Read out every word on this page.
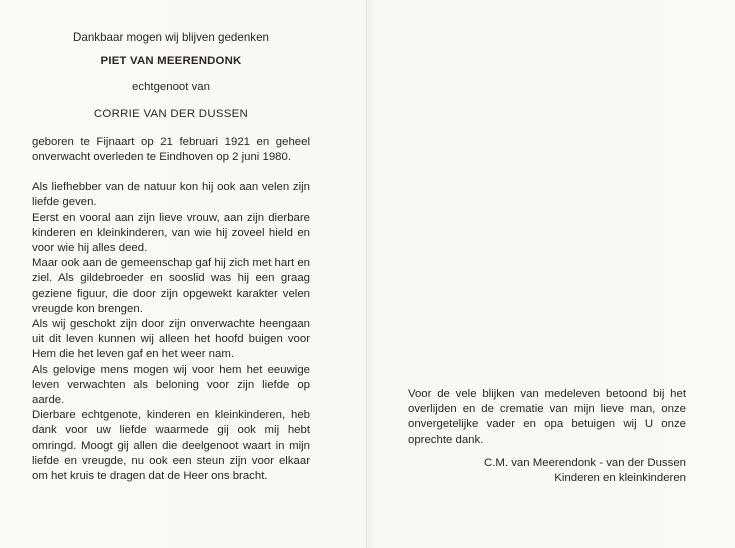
Dankbaar mogen wij blijven gedenken

PIET VAN MEERENDONK

echtgenoot van

CORRIE VAN DER DUSSEN

geboren te Fijnaart op 21 februari 1921 en geheel onverwacht overleden te Eindhoven op 2 juni 1980.

Als liefhebber van de natuur kon hij ook aan velen zijn liefde geven.

Eerst en vooral aan zijn lieve vrouw, aan zijn dierbare kinderen en kleinkinderen, van wie hij zoveel hield en voor wie hij alles deed.

Maar ook aan de gemeenschap gaf hij zich met hart en ziel. Als gildebroeder en sooslid was hij een graag geziene figuur, die door zijn opgewekt karakter velen vreugde kon brengen.

Als wij geschokt zijn door zijn onverwachte heengaan uit dit leven kunnen wij alleen het hoofd buigen voor Hem die het leven gaf en het weer nam.

Als gelovige mens mogen wij voor hem het eeuwige leven verwachten als beloning voor zijn liefde op aarde.

Dierbare echtgenote, kinderen en kleinkinderen, heb dank voor uw liefde waarmede gij ook mij hebt omringd. Moogt gij allen die deelgenoot waart in mijn liefde en vreugde, nu ook een steun zijn voor elkaar om het kruis te dragen dat de Heer ons bracht.

Voor de vele blijken van medeleven betoond bij het overlijden en de crematie van mijn lieve man, onze onvergetelijke vader en opa betuigen wij U onze oprechte dank.

C.M. van Meerendonk - van der Dussen

Kinderen en kleinkinderen
